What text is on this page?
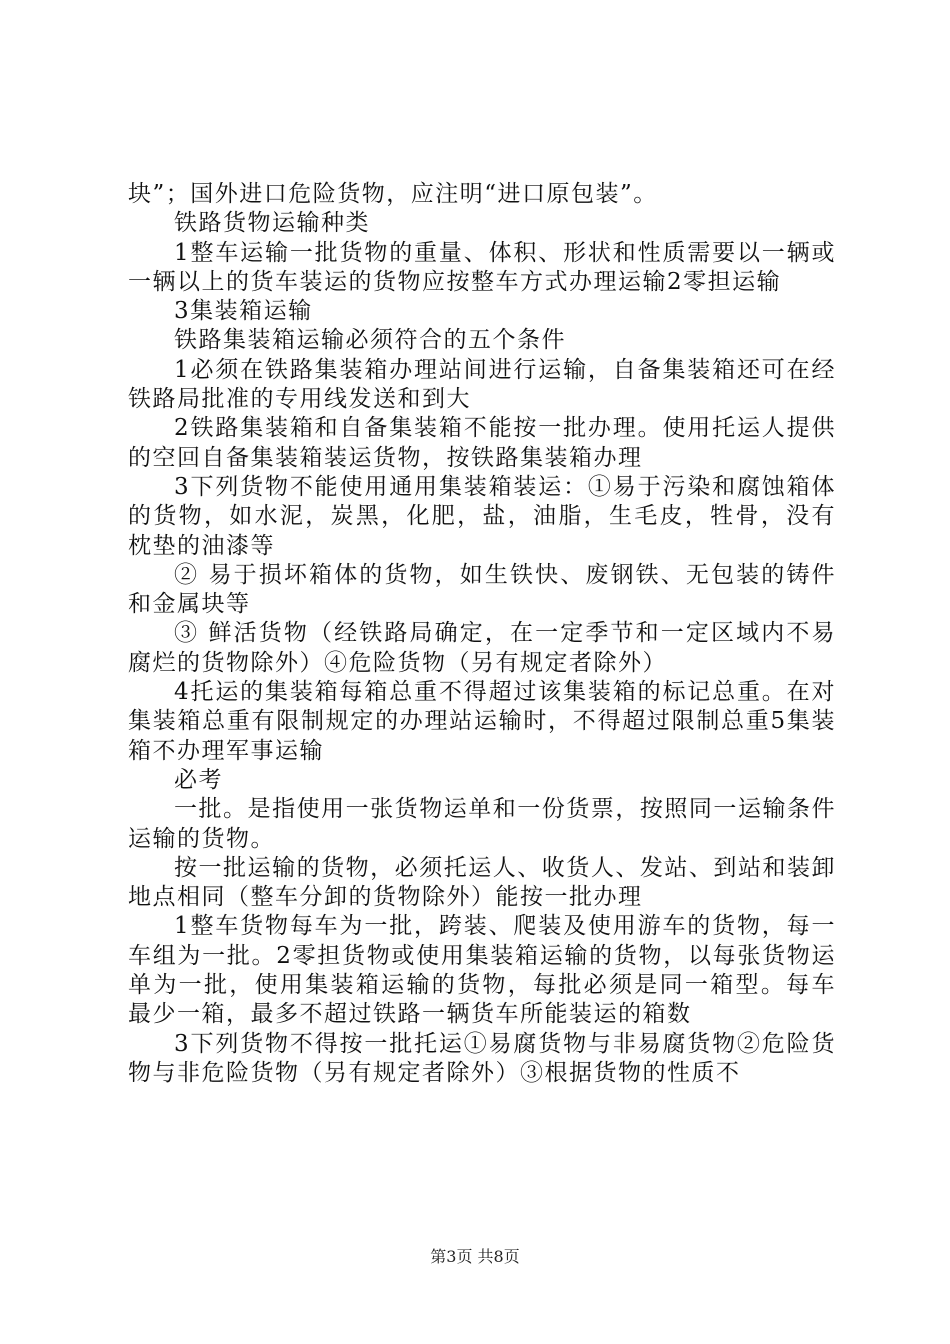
块”；国外进口危险货物，应注明“进口原包装”。

铁路货物运输种类

1整车运输一批货物的重量、体积、形状和性质需要以一辆或一辆以上的货车装运的货物应按整车方式办理运输2零担运输

3集装箱运输

铁路集装箱运输必须符合的五个条件

1必须在铁路集装箱办理站间进行运输，自备集装箱还可在经铁路局批准的专用线发送和到大

2铁路集装箱和自备集装箱不能按一批办理。使用托运人提供的空回自备集装箱装运货物，按铁路集装箱办理

3下列货物不能使用通用集装箱装运：①易于污染和腐蚀箱体的货物，如水泥，炭黑，化肥，盐，油脂，生毛皮，牲骨，没有枕垫的油漆等

② 易于损坏箱体的货物，如生铁快、废钢铁、无包装的铸件和金属块等

③ 鲜活货物（经铁路局确定，在一定季节和一定区域内不易腐烂的货物除外）④危险货物（另有规定者除外）

4托运的集装箱每箱总重不得超过该集装箱的标记总重。在对集装箱总重有限制规定的办理站运输时，不得超过限制总重5集装箱不办理军事运输

必考

一批。是指使用一张货物运单和一份货票，按照同一运输条件运输的货物。

按一批运输的货物，必须托运人、收货人、发站、到站和装卸地点相同（整车分卸的货物除外）能按一批办理

1整车货物每车为一批，跨装、爬装及使用游车的货物，每一车组为一批。2零担货物或使用集装箱运输的货物，以每张货物运单为一批，使用集装箱运输的货物，每批必须是同一箱型。每车最少一箱，最多不超过铁路一辆货车所能装运的箱数

3下列货物不得按一批托运①易腐货物与非易腐货物②危险货物与非危险货物（另有规定者除外）③根据货物的性质不

第3页 共8页
